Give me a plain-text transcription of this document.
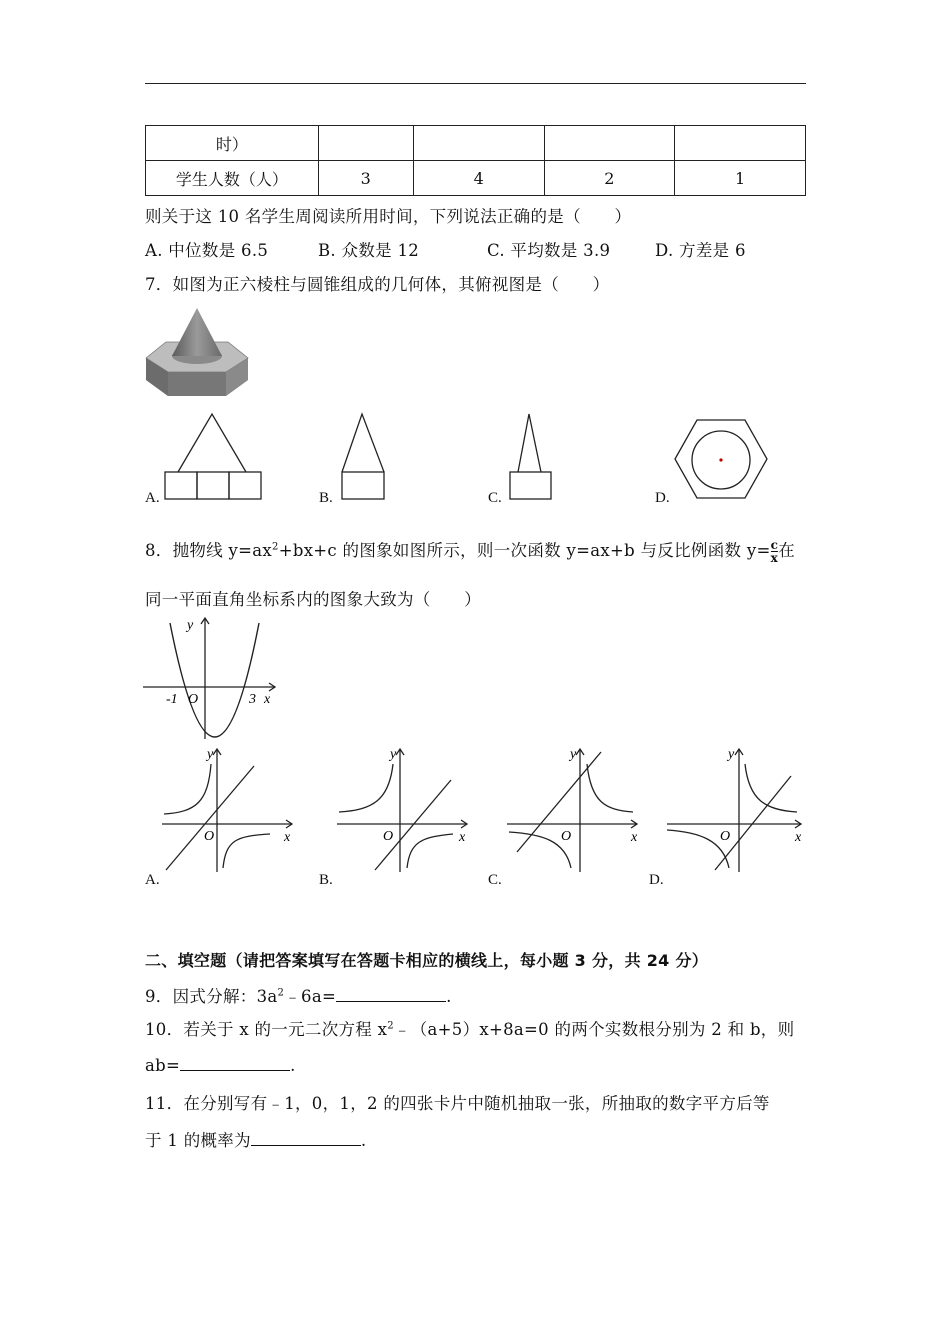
时）				
学生人数（人）	3	4	2	1
则关于这 10 名学生周阅读所用时间，下列说法正确的是（　　）
A. 中位数是 6.5	B. 众数是 12	C. 平均数是 3.9	D. 方差是 6
7．如图为正六棱柱与圆锥组成的几何体，其俯视图是（　　）
A.	B.	C.	D.
8．抛物线 $y=ax^2+bx+c$ 的图象如图所示，则一次函数 y=ax+b 与反比例函数 $y= \frac{c}{x}$ 在
同一平面直角坐标系内的图象大致为（　　）
y
x
O
-1	3
y
x
O
A.
y
x
O
B.
y
x
O
C.
y
x
O
D.
二、填空题（请把答案填写在答题卡相应的横线上，每小题 3 分，共 24 分）
9．因式分解：$3a^2﹣6a=$	.
10．若关于 x 的一元二次方程 $x^2﹣(a+5)x+8a=0$ 的两个实数根分别为 2 和 b，则
ab=	.
11．在分别写有﹣1，0，1，2 的四张卡片中随机抽取一张，所抽取的数字平方后等
于 1 的概率为	.
